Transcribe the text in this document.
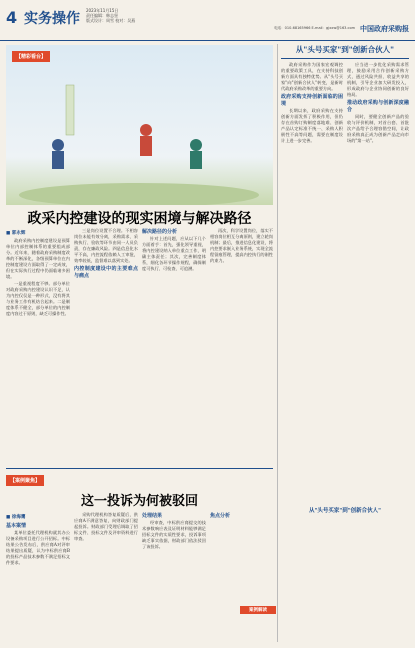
4 实务操作
2023年11月15日
责任编辑：韩志坚
版式设计：周雪 校对：吴燕
电话：010-68165966 E-mail：gjxxw@163.com 中国政府采购报
【精彩看台】
政采内控建设的现实困境与解决路径
■ 郭永辉

政府采购内控制度建设是预算单位内部控制体系的重要组成部分。近年来，随着政府采购制度改革的不断深化，各级预算单位在内控制度建设方面取得了一定成效，但在实际执行过程中仍面临诸多困境。

一是重视程度不够。部分单位对政府采购内控建设认识不足，认为内控仅仅是一种形式，没有将其与业务工作有机结合起来。二是制度体系不健全，部分单位的内控制度内容过于原则，缺乏可操作性。

三是岗位设置不合理。不相容岗位未能有效分离，采购需求、采购执行、验收等环节由同一人员负责，存在廉政风险。四是信息化水平不高，内控流程依赖人工审批，效率较低，监督难以落到实处。

内控制度建设中的主要难点与痛点

解决路径的分析

针对上述问题，应从以下几个方面着手：首先，强化领导重视，将内控建设纳入单位重点工作，明确主体责任；其次，完善制度体系，细化各环节操作规程，确保制度可执行、可检查、可追溯。

再次，科学设置岗位，落实不相容岗位相互分离原则，建立轮岗机制；最后，推进信息化建设，将内控要求嵌入业务系统，实现全流程留痕管理，提高内控执行的刚性约束力。

从"头号买家"到"创新合伙人"

政府采购作为国家宏观调控的重要政策工具，在支持科技创新方面具有独特优势。从"头号买家"向"创新合伙人"转变，是新时代政府采购改革的重要方向。

政府采购支持创新面临的困境

长期以来，政府采购在支持创新方面发挥了积极作用，但仍存在首购订购制度落地难、创新产品认定标准不统一、采购人积极性不高等问题，需要在制度设计上进一步完善。

应当进一步优化采购需求管理，鼓励采用合作创新采购方式，通过风险共担、收益共享的机制，引导企业加大研发投入，形成政府与企业协同创新的良好格局。

推动政府采购与创新深度融合

同时，要健全创新产品的验收与评价机制，对首台套、首批次产品给予合理容错空间，让政府采购真正成为创新产品走向市场的"第一站"。

从"头号买家"到"创新合伙人"
【案例聚焦】
这一投诉为何被驳回
■ 徐海鹰

基本案情

某单位委托代理机构就其办公设备采购项目进行公开招标。中标结果公告发布后，供应商A对评审结果提出质疑，认为中标供应商B的投标产品技术参数不满足招标文件要求。

采购代理机构答复质疑后，供应商A不满意答复，向财政部门提起投诉。财政部门受理后调取了招标文件、投标文件及评审资料进行审查。

处理结果

经审查，中标供应商提交的技术参数响应表及证明材料能够满足招标文件的实质性要求，投诉事项缺乏事实依据，财政部门依法驳回了该投诉。

焦点分析

案例解读
